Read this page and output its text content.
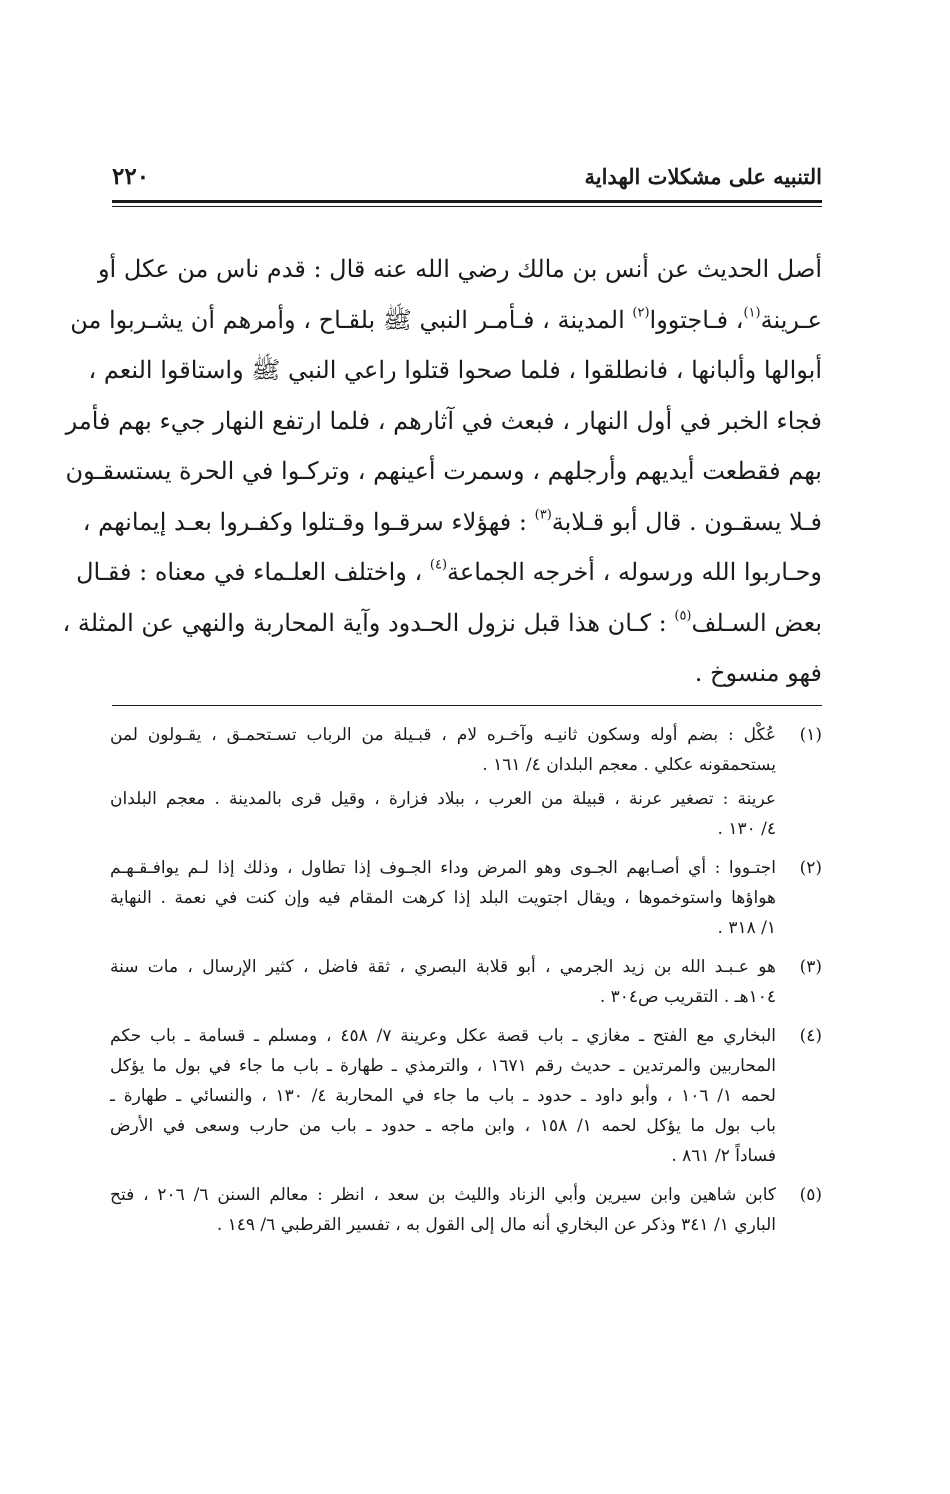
التنبيه على مشكلات الهداية
٢٢٠
أصل الحديث عن أنس بن مالك رضي الله عنه قال : قدم ناس من عكل أو
عـرينة$^{(١)}$، فـاجتووا$^{(٢)}$ المدينة ، فـأمـر النبي ﷺ بلقـاح ، وأمرهم أن يشـربوا من
أبوالها وألبانها ، فانطلقوا ، فلما صحوا قتلوا راعي النبي ﷺ واستاقوا النعم ،
فجاء الخبر في أول النهار ، فبعث في آثارهم ، فلما ارتفع النهار جيء بهم فأمر
بهم فقطعت أيديهم وأرجلهم ، وسمرت أعينهم ، وتركـوا في الحرة يستسقـون
فـلا يسقـون . قال أبو قـلابة$^{(٣)}$ : فهؤلاء سرقـوا وقـتلوا وكفـروا بعـد إيمانهم ،
وحـاربوا الله ورسوله ، أخرجه الجماعة$^{(٤)}$ ، واختلف العلـماء في معناه : فقـال
بعض السـلف$^{(٥)}$ : كـان هذا قبل نزول الحـدود وآية المحاربة والنهي عن المثلة ،
فهو منسوخ .
(١)
عُكْل : بضم أوله وسكون ثانيـه وآخـره لام ، قبـيلة من الرباب تسـتحمـق ، يقـولون لمن
يستحمقونه عكلي . معجم البلدان ٤/ ١٦١ .
عرينة : تصغير عرنة ، قبيلة من العرب ، ببلاد فزارة ، وقيل قرى بالمدينة . معجم البلدان
٤/ ١٣٠ .
(٢)
اجتـووا : أي أصـابهم الجـوى وهو المرض وداء الجـوف إذا تطاول ، وذلك إذا لـم يوافـقـهـم
هواؤها واستوخموها ، ويقال اجتويت البلد إذا كرهت المقام فيه وإن كنت في نعمة . النهاية
١/ ٣١٨ .
(٣)
هو عـبـد الله بن زيد الجرمي ، أبو قلابة البصري ، ثقة فاضل ، كثير الإرسال ، مات سنة
١٠٤هـ . التقريب ص٣٠٤ .
(٤)
البخاري مع الفتح ـ مغازي ـ باب قصة عكل وعرينة ٧/ ٤٥٨ ، ومسلم ـ قسامة ـ باب حكم
المحاربين والمرتدين ـ حديث رقم ١٦٧١ ، والترمذي ـ طهارة ـ باب ما جاء في بول ما يؤكل
لحمه ١/ ١٠٦ ، وأبو داود ـ حدود ـ باب ما جاء في المحاربة ٤/ ١٣٠ ، والنسائي ـ طهارة ـ
باب بول ما يؤكل لحمه ١/ ١٥٨ ، وابن ماجه ـ حدود ـ باب من حارب وسعى في الأرض
فساداً ٢/ ٨٦١ .
(٥)
كابن شاهين وابن سيرين وأبي الزناد والليث بن سعد ، انظر : معالم السنن ٦/ ٢٠٦ ، فتح
الباري ١/ ٣٤١ وذكر عن البخاري أنه مال إلى القول به ، تفسير القرطبي ٦/ ١٤٩ .
